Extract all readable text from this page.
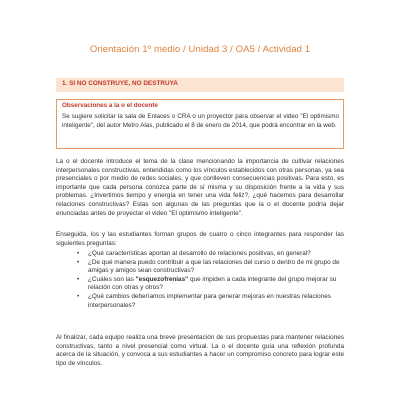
Orientación 1º medio / Unidad 3 / OA5 / Actividad 1
1. SI NO CONSTRUYE, NO DESTRUYA
Observaciones a la o el docente
Se sugiere solicitar la sala de Enlaces o CRA o un proyector para observar el video "El optimismo inteligente", del autor Metro Alas, publicado el 8 de enero de 2014, que podrá encontrar en la web.
La o el docente introduce el tema de la clase mencionando la importancia de cultivar relaciones interpersonales constructivas, entendidas como los vínculos establecidos con otras personas, ya sea presenciales o por medio de redes sociales, y que conlleven consecuencias positivas. Para esto, es importante que cada persona conozca parte de sí misma y su disposición frente a la vida y sus problemas. ¿Invertimos tiempo y energía en tener una vida feliz?, ¿qué hacemos para desarrollar relaciones constructivas? Estas son algunas de las preguntas que la o el docente podría dejar enunciadas antes de proyectar el video "El optimismo inteligente".
Enseguida, los y las estudiantes forman grupos de cuatro o cinco integrantes para responder las siguientes preguntas:
• ¿Qué características aportan al desarrollo de relaciones positivas, en general?
• ¿De qué manera puedo contribuir a que las relaciones del curso o dentro de mi grupo de amigas y amigos sean constructivas?
• ¿Cuáles son las "esquezofrenias" que impiden a cada integrante del grupo mejorar su relación con otras y otros?
• ¿Qué cambios deberíamos implementar para generar mejoras en nuestras relaciones interpersonales?
Al finalizar, cada equipo realiza una breve presentación de sus propuestas para mantener relaciones constructivas, tanto a nivel presencial como virtual. La o el docente guía una reflexión profunda acerca de la situación, y convoca a sus estudiantes a hacer un compromiso concreto para lograr este tipo de vínculos.
